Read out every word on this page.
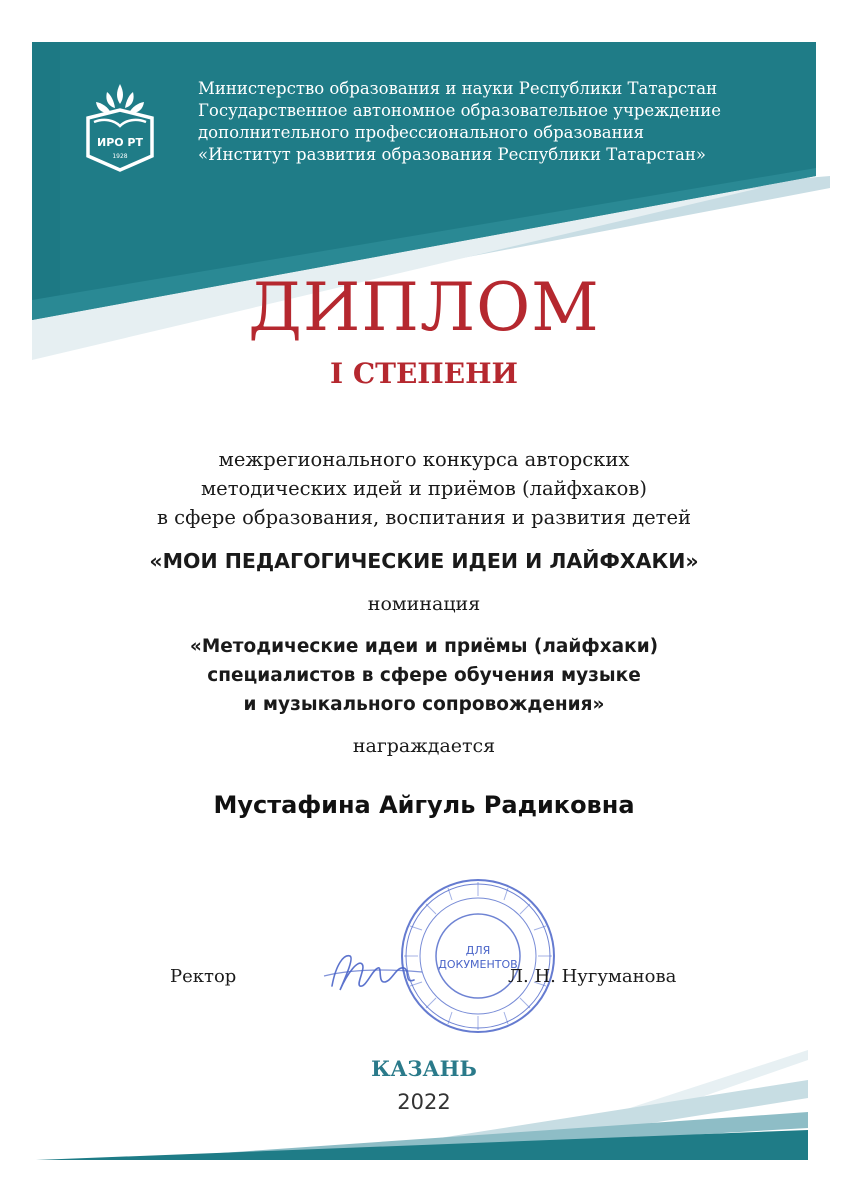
ИРО РТ
1928
Министерство образования и науки Республики Татарстан
Государственное автономное образовательное учреждение
дополнительного профессионального образования
«Институт развития образования Республики Татарстан»
ДИПЛОМ
I СТЕПЕНИ
межрегионального конкурса авторских
методических идей и приёмов (лайфхаков)
в сфере образования, воспитания и развития детей
«МОИ ПЕДАГОГИЧЕСКИЕ ИДЕИ И ЛАЙФХАКИ»
номинация
«Методические идеи и приёмы (лайфхаки)
специалистов в сфере обучения музыке
и музыкального сопровождения»
награждается
Мустафина Айгуль Радиковна
ДЛЯ
ДОКУМЕНТОВ
Ректор	Л. Н. Нугуманова
КАЗАНЬ
2022
